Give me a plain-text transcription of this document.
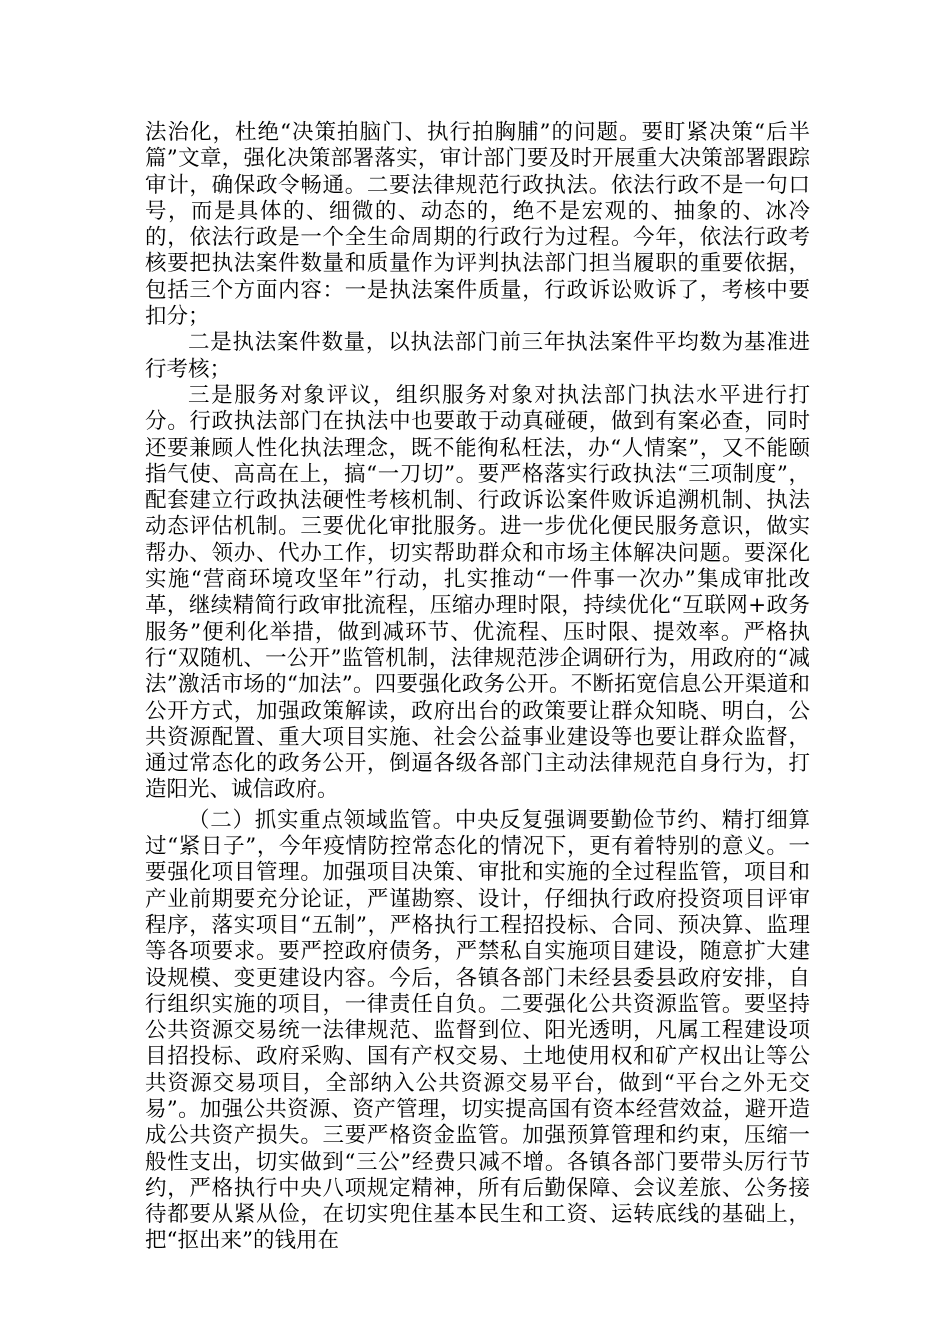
法治化，杜绝“决策拍脑门、执行拍胸脯”的问题。要盯紧决策“后半篇”文章，强化决策部署落实，审计部门要及时开展重大决策部署跟踪审计，确保政令畅通。二要法律规范行政执法。依法行政不是一句口号，而是具体的、细微的、动态的，绝不是宏观的、抽象的、冰冷的，依法行政是一个全生命周期的行政行为过程。今年，依法行政考核要把执法案件数量和质量作为评判执法部门担当履职的重要依据，包括三个方面内容：一是执法案件质量，行政诉讼败诉了，考核中要扣分；

二是执法案件数量，以执法部门前三年执法案件平均数为基准进行考核；

三是服务对象评议，组织服务对象对执法部门执法水平进行打分。行政执法部门在执法中也要敢于动真碰硬，做到有案必查，同时还要兼顾人性化执法理念，既不能徇私枉法，办“人情案”，又不能颐指气使、高高在上，搞“一刀切”。要严格落实行政执法“三项制度”，配套建立行政执法硬性考核机制、行政诉讼案件败诉追溯机制、执法动态评估机制。三要优化审批服务。进一步优化便民服务意识，做实帮办、领办、代办工作，切实帮助群众和市场主体解决问题。要深化实施“营商环境攻坚年”行动，扎实推动“一件事一次办”集成审批改革，继续精简行政审批流程，压缩办理时限，持续优化“互联网+政务服务”便利化举措，做到减环节、优流程、压时限、提效率。严格执行“双随机、一公开”监管机制，法律规范涉企调研行为，用政府的“减法”激活市场的“加法”。四要强化政务公开。不断拓宽信息公开渠道和公开方式，加强政策解读，政府出台的政策要让群众知晓、明白，公共资源配置、重大项目实施、社会公益事业建设等也要让群众监督，通过常态化的政务公开，倒逼各级各部门主动法律规范自身行为，打造阳光、诚信政府。

（二）抓实重点领域监管。中央反复强调要勤俭节约、精打细算过“紧日子”，今年疫情防控常态化的情况下，更有着特别的意义。一要强化项目管理。加强项目决策、审批和实施的全过程监管，项目和产业前期要充分论证，严谨勘察、设计，仔细执行政府投资项目评审程序，落实项目“五制”，严格执行工程招投标、合同、预决算、监理等各项要求。要严控政府债务，严禁私自实施项目建设，随意扩大建设规模、变更建设内容。今后，各镇各部门未经县委县政府安排，自行组织实施的项目，一律责任自负。二要强化公共资源监管。要坚持公共资源交易统一法律规范、监督到位、阳光透明，凡属工程建设项目招投标、政府采购、国有产权交易、土地使用权和矿产权出让等公共资源交易项目，全部纳入公共资源交易平台，做到“平台之外无交易”。加强公共资源、资产管理，切实提高国有资本经营效益，避开造成公共资产损失。三要严格资金监管。加强预算管理和约束，压缩一般性支出，切实做到“三公”经费只减不增。各镇各部门要带头厉行节约，严格执行中央八项规定精神，所有后勤保障、会议差旅、公务接待都要从紧从俭，在切实兜住基本民生和工资、运转底线的基础上，把“抠出来”的钱用在
